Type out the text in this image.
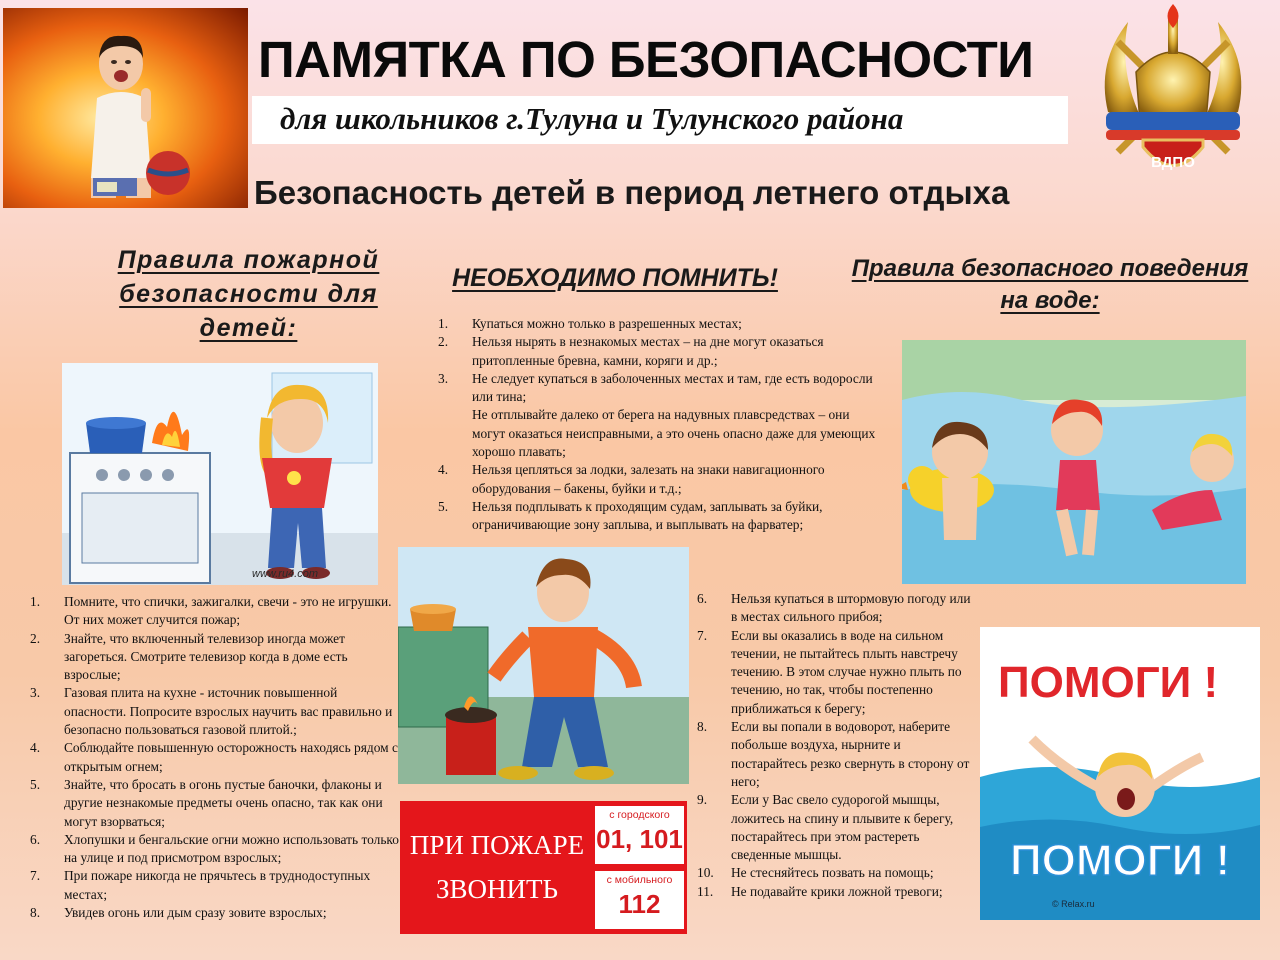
ПАМЯТКА ПО БЕЗОПАСНОСТИ
для школьников г.Тулуна и Тулунского района
ВДПО
Безопасность детей в период летнего отдыха
Правила пожарной
безопасности для
детей:
НЕОБХОДИМО ПОМНИТЬ!	Правила безопасного поведения
на воде:
1.	Купаться можно только в разрешенных местах;
2.	Нельзя нырять в незнакомых местах – на дне могут оказаться притопленные бревна, камни, коряги и др.;
3.	Не следует купаться в заболоченных местах и там, где есть водоросли или тина;
Не отплывайте далеко от берега на надувных плавсредствах – они могут оказаться неисправными, а это очень опасно даже для умеющих хорошо плавать;
4.	Нельзя цепляться за лодки, залезать на знаки навигационного оборудования – бакены, буйки и т.д.;
5.	Нельзя подплывать к проходящим судам, заплывать за буйки, ограничивающие зону заплыва, и выплывать на фарватер;
www.ru4.com
ПОМОГИ !
ПОМОГИ !
© Relax.ru
1.	Помните, что спички, зажигалки, свечи - это не игрушки. От них может случится пожар;
2.	Знайте, что включенный телевизор иногда может загореться. Смотрите телевизор когда в доме есть взрослые;
3.	Газовая плита на кухне - источник повышенной опасности. Попросите взрослых научить вас правильно и безопасно пользоваться газовой плитой.;
4.	Соблюдайте повышенную осторожность находясь рядом с открытым огнем;
5.	Знайте, что бросать в огонь пустые баночки, флаконы и другие незнакомые предметы очень опасно, так как они могут взорваться;
6.	Хлопушки и бенгальские огни можно использовать только на улице и под присмотром взрослых;
7.	При пожаре никогда не прячьтесь в труднодоступных местах;
8.	Увидев огонь или дым сразу зовите взрослых;
6.	Нельзя купаться в штормовую погоду или в местах сильного прибоя;
7.	Если вы оказались в воде на сильном течении, не пытайтесь плыть навстречу течению. В этом случае нужно плыть по течению, но так, чтобы постепенно приближаться к берегу;
8.	Если вы попали в водоворот, наберите побольше воздуха, нырните и постарайтесь резко свернуть в сторону от него;
9.	Если у Вас свело судорогой мышцы, ложитесь на спину и плывите к берегу, постарайтесь при этом растереть сведенные мышцы.
10.	Не стесняйтесь позвать на помощь;
11.	Не подавайте крики ложной тревоги;
ПРИ ПОЖАРЕ
ЗВОНИТЬ
с городского
01, 101
с мобильного
112
